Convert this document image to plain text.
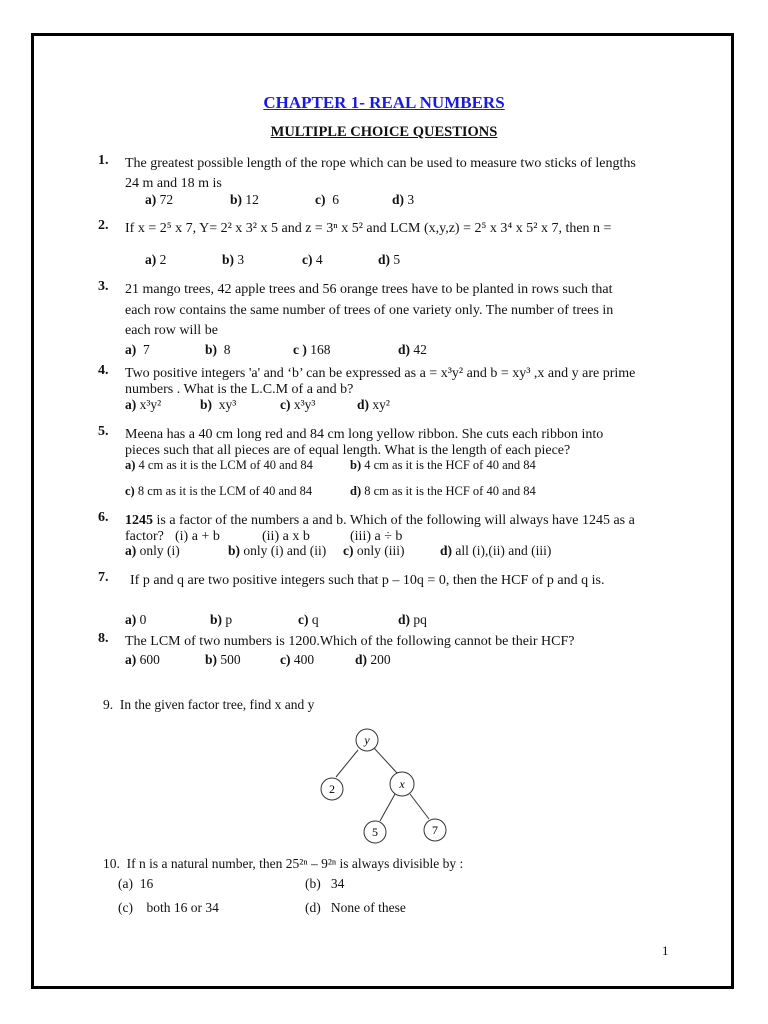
CHAPTER 1- REAL NUMBERS
MULTIPLE CHOICE QUESTIONS
1. The greatest possible length of the rope which can be used to measure two sticks of lengths
24 m and 18 m is
a) 72	b) 12	c) 6	d) 3
2. If x = 2⁵ x 7, Y= 2² x 3² x 5 and z = 3ⁿ x 5² and LCM (x,y,z) = 2⁵ x 3⁴ x 5² x 7, then n =
a) 2	b) 3	c) 4	d) 5
3. 21 mango trees, 42 apple trees and 56 orange trees have to be planted in rows such that
each row contains the same number of trees of one variety only. The number of trees in
each row will be
a) 7	b) 8	c ) 168	d) 42
4. Two positive integers 'a' and ‘b’ can be expressed as a = x³y² and b = xy³ ,x and y are prime
numbers . What is the L.C.M of a and b?
a) x³y²	b) xy³	c) x³y³	d) xy²
5. Meena has a 40 cm long red and 84 cm long yellow ribbon. She cuts each ribbon into
pieces such that all pieces are of equal length. What is the length of each piece?
a) 4 cm as it is the LCM of 40 and 84	b) 4 cm as it is the HCF of 40 and 84
c) 8 cm as it is the LCM of 40 and 84	d) 8 cm as it is the HCF of 40 and 84
6. 1245 is a factor of the numbers a and b. Which of the following will always have 1245 as a
factor? (i) a + b	(ii) a x b	(iii) a ÷ b
a) only (i)	b) only (i) and (ii) c) only (iii)	d) all (i),(ii) and (iii)
7. If p and q are two positive integers such that p – 10q = 0, then the HCF of p and q is.
a) 0	b) p	c) q	d) pq
8. The LCM of two numbers is 1200.Which of the following cannot be their HCF?
a) 600	b) 500	c) 400	d) 200
9. In the given factor tree, find x and y
y
2	x
5	7
10. If n is a natural number, then 25²ⁿ – 9²ⁿ is always divisible by :
(a) 16	(b) 34
(c) both 16 or 34	(d) None of these
1
